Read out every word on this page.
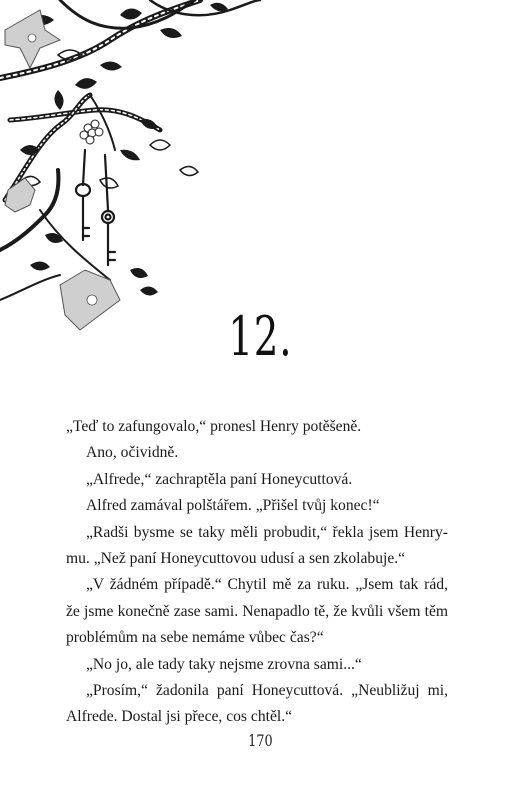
12.

„Teď to zafungovalo,“ pronesl Henry potěšeně.

Ano, očividně.

„Alfrede,“ zachraptěla paní Honeycuttová.

Alfred zamával polštářem. „Přišel tvůj konec!“

„Radši bysme se taky měli probudit,“ řekla jsem Henry-mu. „Než paní Honeycuttovou udusí a sen zkolabuje.“

„V žádném případě.“ Chytil mě za ruku. „Jsem tak rád, že jsme konečně zase sami. Nenapadlo tě, že kvůli všem těm problémům na sebe nemáme vůbec čas?“

„No jo, ale tady taky nejsme zrovna sami...“

„Prosím,“ žadonila paní Honeycuttová. „Neubližuj mi, Alfrede. Dostal jsi přece, cos chtěl.“

170
